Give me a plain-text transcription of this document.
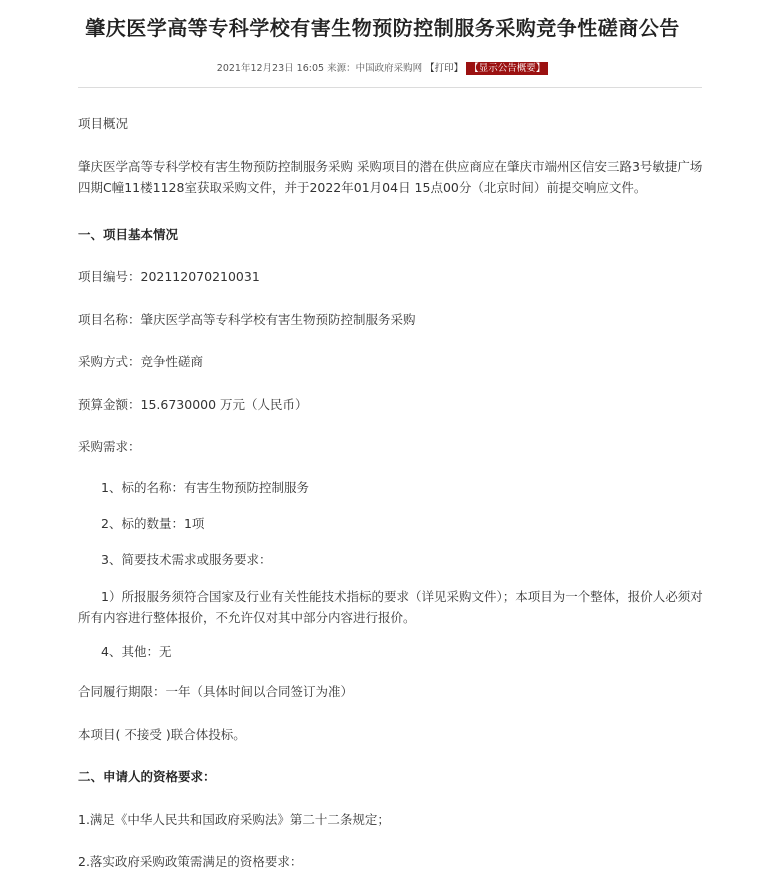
肇庆医学高等专科学校有害生物预防控制服务采购竞争性磋商公告
2021年12月23日 16:05 来源：中国政府采购网 【打印】 【显示公告概要】
项目概况
肇庆医学高等专科学校有害生物预防控制服务采购 采购项目的潜在供应商应在肇庆市端州区信安三路3号敏捷广场四期C幢11楼1128室获取采购文件，并于2022年01月04日 15点00分（北京时间）前提交响应文件。
一、项目基本情况
项目编号：202112070210031
项目名称：肇庆医学高等专科学校有害生物预防控制服务采购
采购方式：竞争性磋商
预算金额：15.6730000 万元（人民币）
采购需求：
1、标的名称：有害生物预防控制服务
2、标的数量：1项
3、简要技术需求或服务要求：
1）所报服务须符合国家及行业有关性能技术指标的要求（详见采购文件）；本项目为一个整体，报价人必须对所有内容进行整体报价，不允许仅对其中部分内容进行报价。
4、其他：无
合同履行期限：一年（具体时间以合同签订为准）
本项目( 不接受 )联合体投标。
二、申请人的资格要求：
1.满足《中华人民共和国政府采购法》第二十二条规定；
2.落实政府采购政策需满足的资格要求：
